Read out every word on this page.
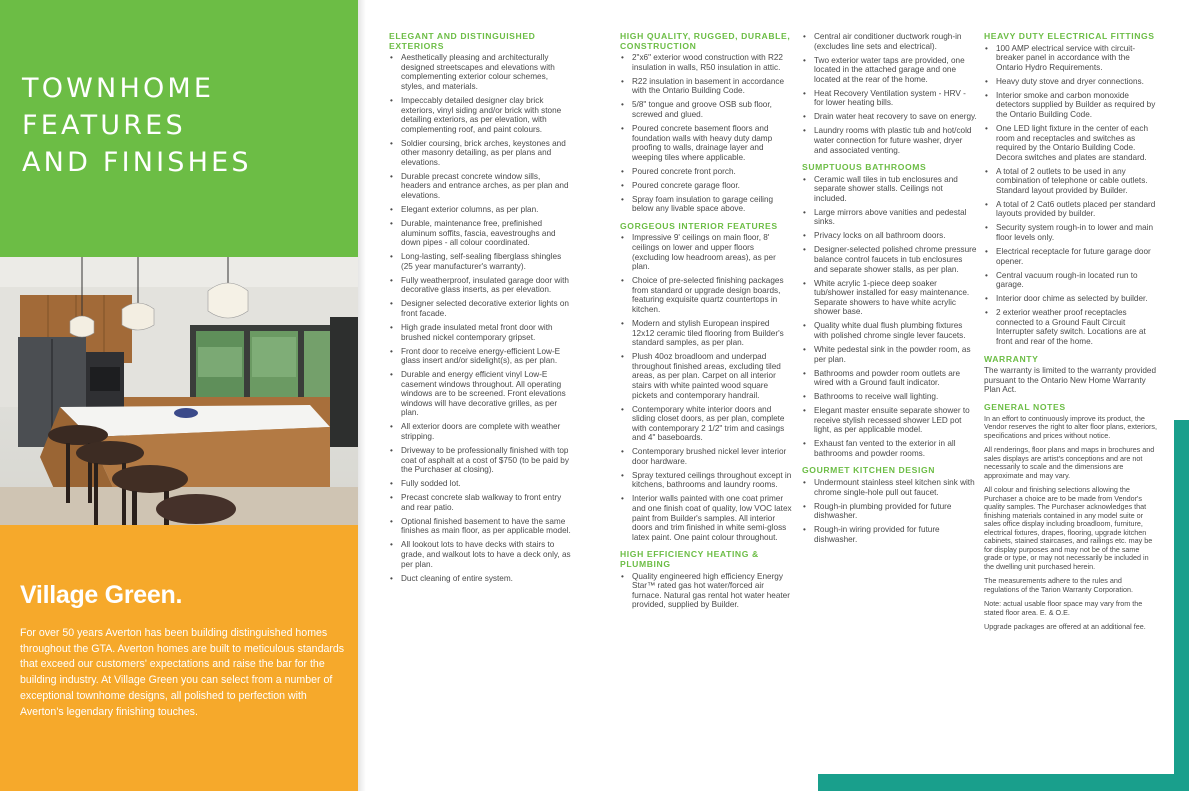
TOWNHOME
FEATURES
AND FINISHES
Village Green.

For over 50 years Averton has been building distinguished homes throughout the GTA. Averton homes are built to meticulous standards that exceed our customers' expectations and raise the bar for the building industry. At Village Green you can select from a number of exceptional townhome designs, all polished to perfection with Averton's legendary finishing touches.

ELEGANT AND DISTINGUISHED EXTERIORS
• Aesthetically pleasing and architecturally designed streetscapes and elevations with complementing exterior colour schemes, styles, and materials.
• Impeccably detailed designer clay brick exteriors, vinyl siding and/or brick with stone detailing exteriors, as per elevation, with complementing roof, and paint colours.
• Soldier coursing, brick arches, keystones and other masonry detailing, as per plans and elevations.
• Durable precast concrete window sills, headers and entrance arches, as per plan and elevations.
• Elegant exterior columns, as per plan.
• Durable, maintenance free, prefinished aluminum soffits, fascia, eavestroughs and down pipes - all colour coordinated.
• Long-lasting, self-sealing fiberglass shingles (25 year manufacturer's warranty).
• Fully weatherproof, insulated garage door with decorative glass inserts, as per elevation.
• Designer selected decorative exterior lights on front facade.
• High grade insulated metal front door with brushed nickel contemporary gripset.
• Front door to receive energy-efficient Low-E glass insert and/or sidelight(s), as per plan.
• Durable and energy efficient vinyl Low-E casement windows throughout. All operating windows are to be screened. Front elevations windows will have decorative grilles, as per plan.
• All exterior doors are complete with weather stripping.
• Driveway to be professionally finished with top coat of asphalt at a cost of $750 (to be paid by the Purchaser at closing).
• Fully sodded lot.
• Precast concrete slab walkway to front entry and rear patio.
• Optional finished basement to have the same finishes as main floor, as per applicable model.
• All lookout lots to have decks with stairs to grade, and walkout lots to have a deck only, as per plan.
• Duct cleaning of entire system.
HIGH QUALITY, RUGGED, DURABLE, CONSTRUCTION
• 2"x6" exterior wood construction with R22 insulation in walls, R50 insulation in attic.
• R22 insulation in basement in accordance with the Ontario Building Code.
• 5/8" tongue and groove OSB sub floor, screwed and glued.
• Poured concrete basement floors and foundation walls with heavy duty damp proofing to walls, drainage layer and weeping tiles where applicable.
• Poured concrete front porch.
• Poured concrete garage floor.
• Spray foam insulation to garage ceiling below any livable space above.
GORGEOUS INTERIOR FEATURES
• Impressive 9' ceilings on main floor, 8' ceilings on lower and upper floors (excluding low headroom areas), as per plan.
• Choice of pre-selected finishing packages from standard or upgrade design boards, featuring exquisite quartz countertops in kitchen.
• Modern and stylish European inspired 12x12 ceramic tiled flooring from Builder's standard samples, as per plan.
• Plush 40oz broadloom and underpad throughout finished areas, excluding tiled areas, as per plan. Carpet on all interior stairs with white painted wood square pickets and contemporary handrail.
• Contemporary white interior doors and sliding closet doors, as per plan, complete with contemporary 2 1/2" trim and casings and 4" baseboards.
• Contemporary brushed nickel lever interior door hardware.
• Spray textured ceilings throughout except in kitchens, bathrooms and laundry rooms.
• Interior walls painted with one coat primer and one finish coat of quality, low VOC latex paint from Builder's samples. All interior doors and trim finished in white semi-gloss latex paint. One paint colour throughout.
HIGH EFFICIENCY HEATING & PLUMBING
• Quality engineered high efficiency Energy Star™ rated gas hot water/forced air furnace. Natural gas rental hot water heater provided, supplied by Builder.
• Central air conditioner ductwork rough-in (excludes line sets and electrical).
• Two exterior water taps are provided, one located in the attached garage and one located at the rear of the home.
• Heat Recovery Ventilation system - HRV - for lower heating bills.
• Drain water heat recovery to save on energy.
• Laundry rooms with plastic tub and hot/cold water connection for future washer, dryer and associated venting.
SUMPTUOUS BATHROOMS
• Ceramic wall tiles in tub enclosures and separate shower stalls. Ceilings not included.
• Large mirrors above vanities and pedestal sinks.
• Privacy locks on all bathroom doors.
• Designer-selected polished chrome pressure balance control faucets in tub enclosures and separate shower stalls, as per plan.
• White acrylic 1-piece deep soaker tub/shower installed for easy maintenance. Separate showers to have white acrylic shower base.
• Quality white dual flush plumbing fixtures with polished chrome single lever faucets.
• White pedestal sink in the powder room, as per plan.
• Bathrooms and powder room outlets are wired with a Ground fault indicator.
• Bathrooms to receive wall lighting.
• Elegant master ensuite separate shower to receive stylish recessed shower LED pot light, as per applicable model.
• Exhaust fan vented to the exterior in all bathrooms and powder rooms.
GOURMET KITCHEN DESIGN
• Undermount stainless steel kitchen sink with chrome single-hole pull out faucet.
• Rough-in plumbing provided for future dishwasher.
• Rough-in wiring provided for future dishwasher.
HEAVY DUTY ELECTRICAL FITTINGS
• 100 AMP electrical service with circuit-breaker panel in accordance with the Ontario Hydro Requirements.
• Heavy duty stove and dryer connections.
• Interior smoke and carbon monoxide detectors supplied by Builder as required by the Ontario Building Code.
• One LED light fixture in the center of each room and receptacles and switches as required by the Ontario Building Code. Decora switches and plates are standard.
• A total of 2 outlets to be used in any combination of telephone or cable outlets. Standard layout provided by Builder.
• A total of 2 Cat6 outlets placed per standard layouts provided by builder.
• Security system rough-in to lower and main floor levels only.
• Electrical receptacle for future garage door opener.
• Central vacuum rough-in located run to garage.
• Interior door chime as selected by builder.
• 2 exterior weather proof receptacles connected to a Ground Fault Circuit Interrupter safety switch. Locations are at front and rear of the home.
WARRANTY

The warranty is limited to the warranty provided pursuant to the Ontario New Home Warranty Plan Act.

GENERAL NOTES

In an effort to continuously improve its product, the Vendor reserves the right to alter floor plans, exteriors, specifications and prices without notice.

All renderings, floor plans and maps in brochures and sales displays are artist's conceptions and are not necessarily to scale and the dimensions are approximate and may vary.

All colour and finishing selections allowing the Purchaser a choice are to be made from Vendor's quality samples. The Purchaser acknowledges that finishing materials contained in any model suite or sales office display including broadloom, furniture, electrical fixtures, drapes, flooring, upgrade kitchen cabinets, stained staircases, and railings etc. may be for display purposes and may not be of the same grade or type, or may not necessarily be included in the dwelling unit purchased herein.

The measurements adhere to the rules and regulations of the Tarion Warranty Corporation.

Note: actual usable floor space may vary from the stated floor area. E. & O.E.

Upgrade packages are offered at an additional fee.
